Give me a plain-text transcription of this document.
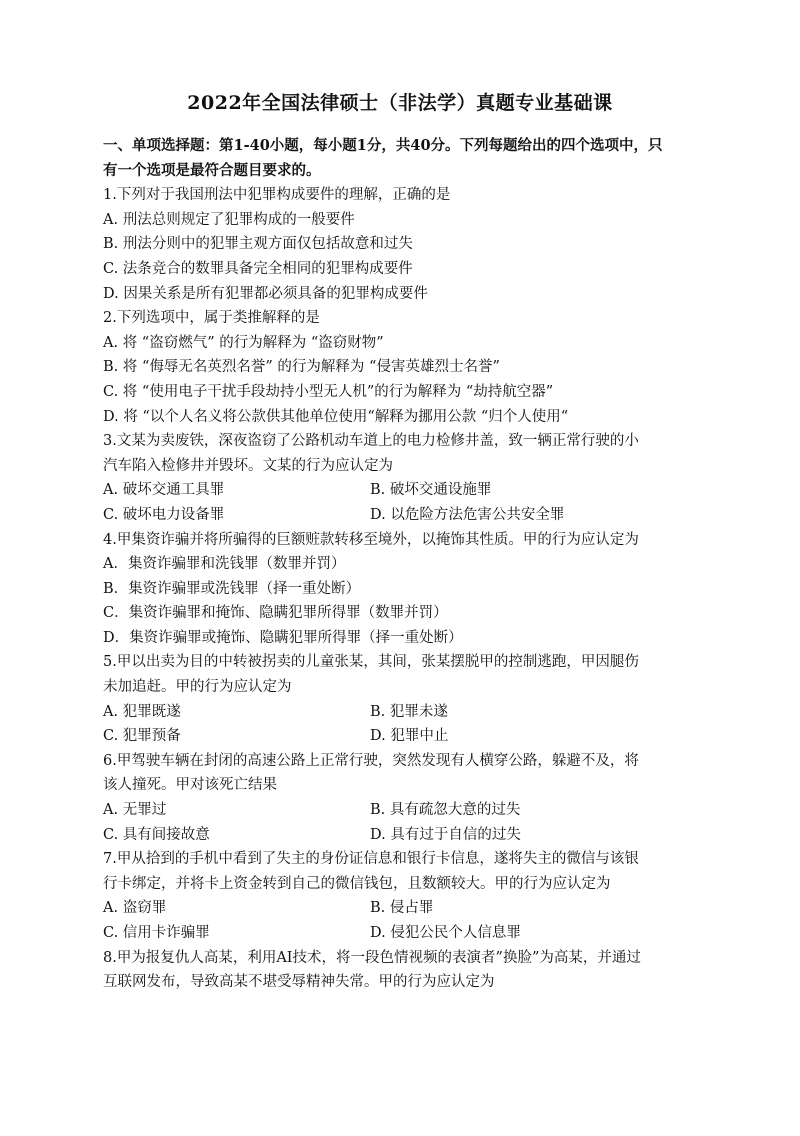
2022年全国法律硕士（非法学）真题专业基础课
一、单项选择题：第1-40小题，每小题1分，共40分。下列每题给出的四个选项中，只
有一个选项是最符合题目要求的。
1.下列对于我国刑法中犯罪构成要件的理解，正确的是
A. 刑法总则规定了犯罪构成的一般要件
B. 刑法分则中的犯罪主观方面仅包括故意和过失
C. 法条竞合的数罪具备完全相同的犯罪构成要件
D. 因果关系是所有犯罪都必须具备的犯罪构成要件
2.下列选项中，属于类推解释的是
A. 将 “盗窃燃气” 的行为解释为 “盗窃财物”
B. 将 “侮辱无名英烈名誉” 的行为解释为 “侵害英雄烈士名誉”
C. 将 “使用电子干扰手段劫持小型无人机”的行为解释为 “劫持航空器”
D. 将 “以个人名义将公款供其他单位使用“解释为挪用公款 “归个人使用“
3.文某为卖废铁，深夜盗窃了公路机动车道上的电力检修井盖，致一辆正常行驶的小
汽车陷入检修井并毁坏。文某的行为应认定为
A. 破坏交通工具罪	B. 破坏交通设施罪
C. 破坏电力设备罪	D. 以危险方法危害公共安全罪
4.甲集资诈骗并将所骗得的巨额赃款转移至境外，以掩饰其性质。甲的行为应认定为
A．集资诈骗罪和洗钱罪（数罪并罚）
B．集资诈骗罪或洗钱罪（择一重处断）
C．集资诈骗罪和掩饰、隐瞒犯罪所得罪（数罪并罚）
D．集资诈骗罪或掩饰、隐瞒犯罪所得罪（择一重处断）
5.甲以出卖为目的中转被拐卖的儿童张某，其间，张某摆脱甲的控制逃跑，甲因腿伤
未加追赶。甲的行为应认定为
A. 犯罪既遂	B. 犯罪未遂
C. 犯罪预备	D. 犯罪中止
6.甲驾驶车辆在封闭的高速公路上正常行驶，突然发现有人横穿公路，躲避不及，将
该人撞死。甲对该死亡结果
A. 无罪过	B. 具有疏忽大意的过失
C. 具有间接故意	D. 具有过于自信的过失
7.甲从拾到的手机中看到了失主的身份证信息和银行卡信息，遂将失主的微信与该银
行卡绑定，并将卡上资金转到自己的微信钱包，且数额较大。甲的行为应认定为
A. 盗窃罪	B. 侵占罪
C. 信用卡诈骗罪	D. 侵犯公民个人信息罪
8.甲为报复仇人高某，利用AI技术，将一段色情视频的表演者”换脸”为高某，并通过
互联网发布，导致高某不堪受辱精神失常。甲的行为应认定为
